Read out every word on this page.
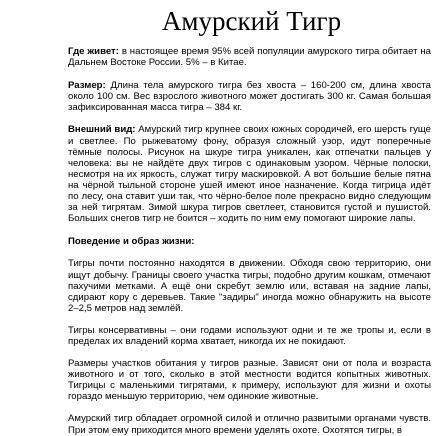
Амурский Тигр

Где живет: в настоящее время 95% всей популяции амурского тигра обитает на Дальнем Востоке России. 5% – в Китае.

Размер: Длина тела амурского тигра без хвоста – 160-200 см, длина хвоста около 100 см. Вес взрослого животного может достигать 300 кг. Самая большая зафиксированная масса тигра – 384 кг.

Внешний вид: Амурский тигр крупнее своих южных сородичей, его шерсть гуще и светлее. По рыжеватому фону, образуя сложный узор, идут поперечные тёмные полосы. Рисунок на шкуре тигра уникален, как отпечатки пальцев у человека: вы не найдёте двух тигров с одинаковым узором. Чёрные полоски, несмотря на их яркость, служат тигру маскировкой. А вот большие белые пятна на чёрной тыльной стороне ушей имеют иное назначение. Когда тигрица идёт по лесу, она ставит уши так, что чёрно-белое поле прекрасно видно следующим за ней тигрятам. Зимой шкура тигров светлеет, становится густой и пушистой. Больших снегов тигр не боится – ходить по ним ему помогают широкие лапы.

Поведение и образ жизни:

Тигры почти постоянно находятся в движении. Обходя свою территорию, они ищут добычу. Границы своего участка тигры, подобно другим кошкам, отмечают пахучими метками. А ещё они скребут землю или, вставая на задние лапы, сдирают кору с деревьев. Такие "задиры" иногда можно обнаружить на высоте 2–2,5 метров над землёй.

Тигры консервативны – они годами используют одни и те же тропы и, если в пределах их владений корма хватает, никогда их не покидают.

Размеры участков обитания у тигров разные. Зависят они от пола и возраста животного и от того, сколько в этой местности водится копытных животных. Тигрицы с маленькими тигрятами, к примеру, используют для жизни и охоты гораздо меньшую территорию, чем одинокие животные.

Амурский тигр обладает огромной силой и отлично развитыми органами чувств. При этом ему приходится много времени уделять охоте. Охотятся тигры, в
